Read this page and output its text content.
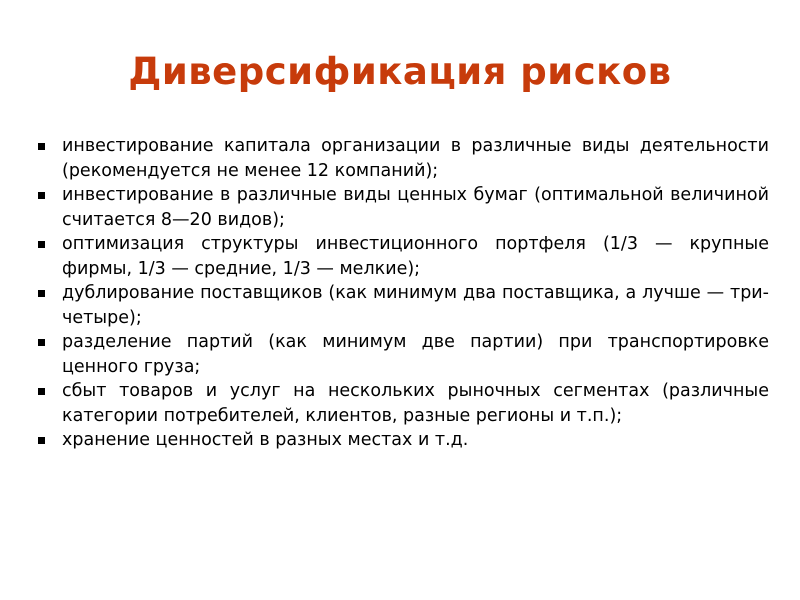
Диверсификация рисков
инвестирование капитала организации в различные виды деятельности (рекомендуется не менее 12 компаний);
инвестирование в различные виды ценных бумаг (оптимальной величиной считается 8—20 видов);
оптимизация структуры инвестиционного портфеля (1/3 — крупные фирмы, 1/3 — средние, 1/3 — мелкие);
дублирование поставщиков (как минимум два поставщика, а лучше — три-четыре);
разделение партий (как минимум две партии) при транспортировке ценного груза;
сбыт товаров и услуг на нескольких рыночных сегментах (различные категории потребителей, клиентов, разные регионы и т.п.);
хранение ценностей в разных местах и т.д.
